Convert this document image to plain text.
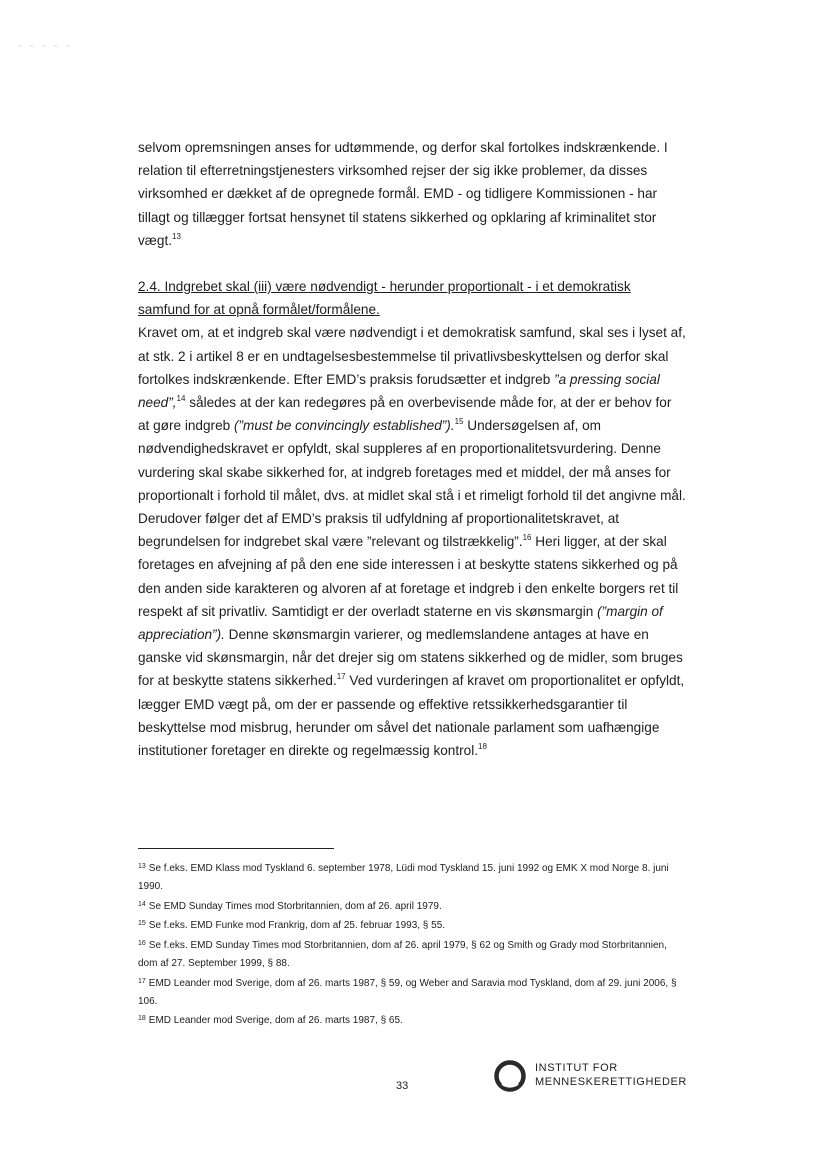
selvom opremsningen anses for udtømmende, og derfor skal fortolkes indskrænkende. I relation til efterretningstjenesters virksomhed rejser der sig ikke problemer, da disses virksomhed er dækket af de opregnede formål. EMD - og tidligere Kommissionen - har tillagt og tillægger fortsat hensynet til statens sikkerhed og opklaring af kriminalitet stor vægt.$^{13}$

2.4. Indgrebet skal (iii) være nødvendigt - herunder proportionalt - i et demokratisk samfund for at opnå formålet/formålene.

Kravet om, at et indgreb skal være nødvendigt i et demokratisk samfund, skal ses i lyset af, at stk. 2 i artikel 8 er en undtagelsesbestemmelse til privatlivsbeskyttelsen og derfor skal fortolkes indskrænkende. Efter EMD’s praksis forudsætter et indgreb ”a pressing social need”,$^{14}$ således at der kan redegøres på en overbevisende måde for, at der er behov for at gøre indgreb (”must be convincingly established”).$^{15}$ Undersøgelsen af, om nødvendighedskravet er opfyldt, skal suppleres af en proportionalitetsvurdering. Denne vurdering skal skabe sikkerhed for, at indgreb foretages med et middel, der må anses for proportionalt i forhold til målet, dvs. at midlet skal stå i et rimeligt forhold til det angivne mål. Derudover følger det af EMD’s praksis til udfyldning af proportionalitetskravet, at begrundelsen for indgrebet skal være ”relevant og tilstrækkelig”.$^{16}$ Heri ligger, at der skal foretages en afvejning af på den ene side interessen i at beskytte statens sikkerhed og på den anden side karakteren og alvoren af at foretage et indgreb i den enkelte borgers ret til respekt af sit privatliv. Samtidigt er der overladt staterne en vis skønsmargin (”margin of appreciation”). Denne skønsmargin varierer, og medlemslandene antages at have en ganske vid skønsmargin, når det drejer sig om statens sikkerhed og de midler, som bruges for at beskytte statens sikkerhed.$^{17}$ Ved vurderingen af kravet om proportionalitet er opfyldt, lægger EMD vægt på, om der er passende og effektive retssikkerhedsgarantier til beskyttelse mod misbrug, herunder om såvel det nationale parlament som uafhængige institutioner foretager en direkte og regelmæssig kontrol.$^{18}$

$^{13}$ Se f.eks. EMD Klass mod Tyskland 6. september 1978, Lüdi mod Tyskland 15. juni 1992 og EMK X mod Norge 8. juni 1990.

$^{14}$ Se EMD Sunday Times mod Storbritannien, dom af 26. april 1979.

$^{15}$ Se f.eks. EMD Funke mod Frankrig, dom af 25. februar 1993, § 55.

$^{16}$ Se f.eks. EMD Sunday Times mod Storbritannien, dom af 26. april 1979, § 62 og Smith og Grady mod Storbritannien, dom af 27. September 1999, § 88.

$^{17}$ EMD Leander mod Sverige, dom af 26. marts 1987, § 59, og Weber and Saravia mod Tyskland, dom af 29. juni 2006, § 106.

$^{18}$ EMD Leander mod Sverige, dom af 26. marts 1987, § 65.

33
INSTITUT FOR
MENNESKERETTIGHEDER
